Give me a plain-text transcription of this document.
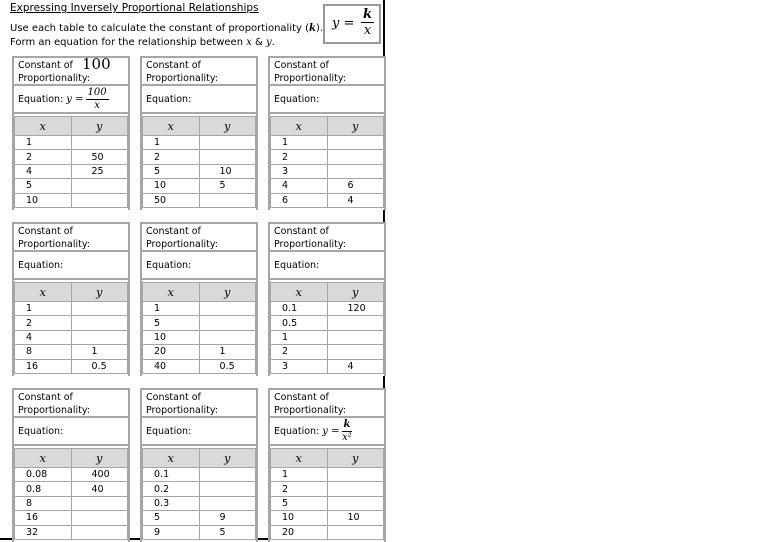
Expressing Inversely Proportional Relationships
Use each table to calculate the constant of proportionality (k).
Form an equation for the relationship between x & y.
$y = \frac{k}{x}$
Constant of Proportionality:
100
Equation: $y = \frac{100}{x}$
x	y
1	
2	50
4	25
5	
10	
Constant of Proportionality:
Equation:
x	y
1	
2	
5	10
10	5
50	
Constant of Proportionality:
Equation:
x	y
1	
2	
3	
4	6
6	4
Constant of Proportionality:
Equation:
x	y
1	
2	
4	
8	1
16	0.5
Constant of Proportionality:
Equation:
x	y
1	
5	
10	
20	1
40	0.5
Constant of Proportionality:
Equation:
x	y
0.1	120
0.5	
1	
2	
3	4
Constant of Proportionality:
Equation:
x	y
0.08	400
0.8	40
8	
16	
32	
Constant of Proportionality:
Equation:
x	y
0.1	
0.2	
0.3	
5	9
9	5
Constant of Proportionality:
Equation: $y = \frac{k}{\text{x²}}$
x	y
1	
2	
5	
10	10
20	
